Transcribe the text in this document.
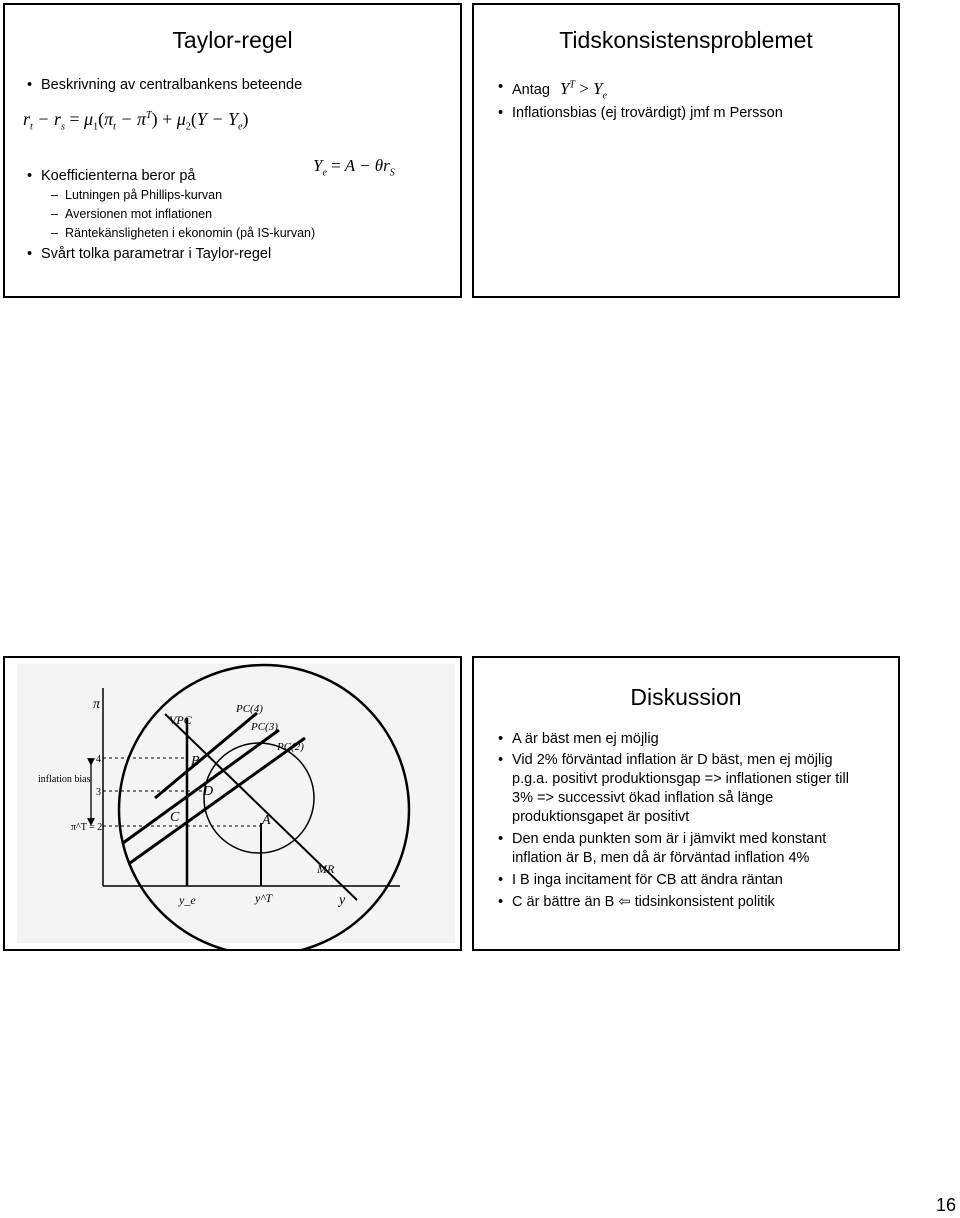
Taylor-regel
• Beskrivning av centralbankens beteende
$r_t - r_s = \mu_1(\pi_t - \pi^T) + \mu_2(Y - Y_e)$
$Y_e = A - \theta r_S$
• Koefficienterna beror på
– Lutningen på Phillips-kurvan
– Aversionen mot inflationen
– Räntekänsligheten i ekonomin (på IS-kurvan)
• Svårt tolka parametrar i Taylor-regel
Tidskonsistensproblemet
• Antag $Y^T > Y_e$
• Inflationsbias (ej trovärdigt) jmf m Persson
π
VPC
PC(4)
PC(3)
PC(2)
MR
inflation bias
4
3
π^T = 2
B
D
C	A
y_e	y^T	y
Diskussion
• A är bäst men ej möjlig
• Vid 2% förväntad inflation är D bäst, men ej möjlig p.g.a. positivt produktionsgap => inflationen stiger till 3% => successivt ökad inflation så länge produktionsgapet är positivt
• Den enda punkten som är i jämvikt med konstant inflation är B, men då är förväntad inflation 4%
• I B inga incitament för CB att ändra räntan
• C är bättre än B ⇦ tidsinkonsistent politik
16
